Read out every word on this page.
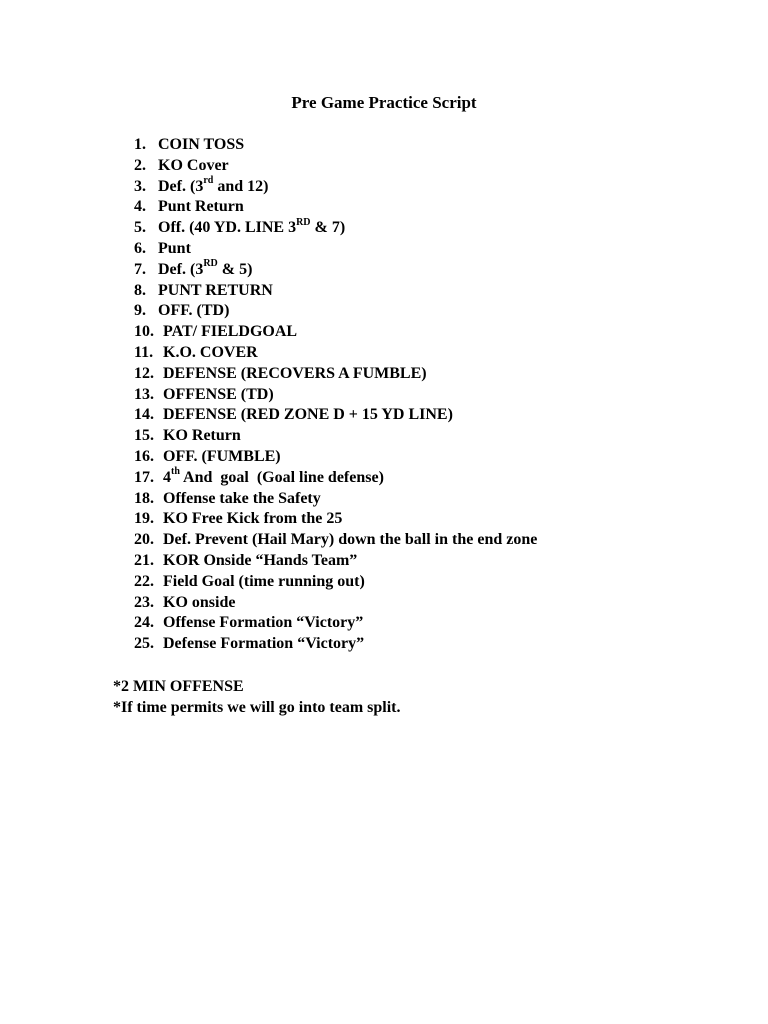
Pre Game Practice Script
1. COIN TOSS
2. KO Cover
3. Def. (3rd and 12)
4. Punt Return
5. Off. (40 YD. LINE 3RD & 7)
6. Punt
7. Def. (3RD & 5)
8. PUNT RETURN
9. OFF. (TD)
10. PAT/ FIELDGOAL
11. K.O. COVER
12. DEFENSE (RECOVERS A FUMBLE)
13. OFFENSE (TD)
14. DEFENSE (RED ZONE D + 15 YD LINE)
15. KO Return
16. OFF. (FUMBLE)
17. 4th And  goal  (Goal line defense)
18. Offense take the Safety
19. KO Free Kick from the 25
20. Def. Prevent (Hail Mary) down the ball in the end zone
21. KOR Onside “Hands Team”
22. Field Goal (time running out)
23. KO onside
24. Offense Formation “Victory”
25. Defense Formation “Victory”
*2 MIN OFFENSE
*If time permits we will go into team split.
